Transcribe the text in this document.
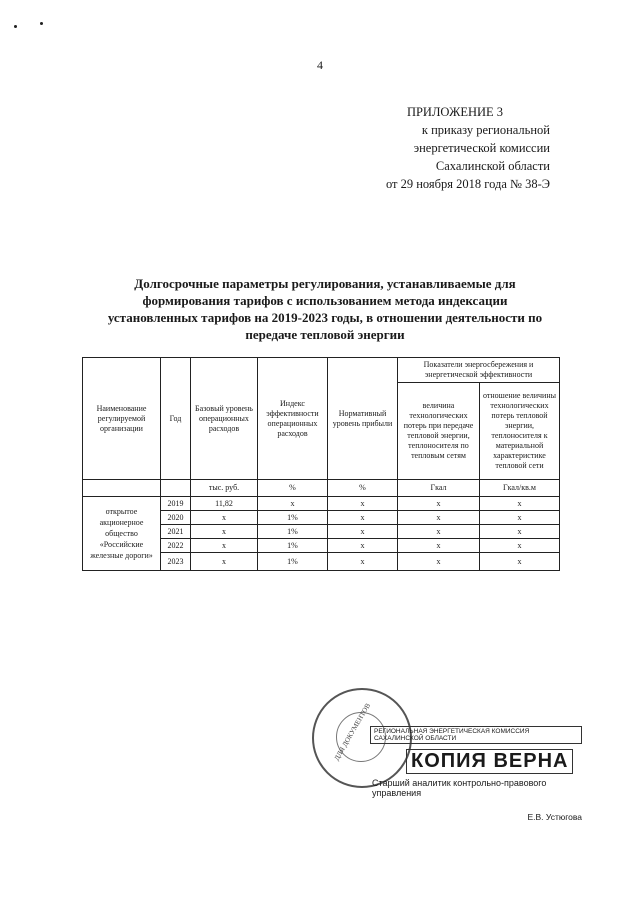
4
ПРИЛОЖЕНИЕ 3
к приказу региональной
энергетической комиссии
Сахалинской области
от 29 ноября 2018 года № 38-Э
Долгосрочные параметры регулирования, устанавливаемые для формирования тарифов с использованием метода индексации установленных тарифов на 2019-2023 годы, в отношении деятельности по передаче тепловой энергии
Наименование регулируемой организации	Год	Базовый уровень операционных расходов	Индекс эффективности операционных расходов	Нормативный уровень прибыли	Показатели энергосбережения и энергетической эффективности	
					величина технологических потерь при передаче тепловой энергии, теплоносителя по тепловым сетям	отношение величины технологических потерь тепловой энергии, теплоносителя к материальной характеристике тепловой сети
		тыс. руб.	%	%	Гкал	Гкал/кв.м
открытое акционерное общество «Российские железные дороги»	2019	11,82	х	х	х	х
	2020	х	1%	х	х	х
	2021	х	1%	х	х	х
	2022	х	1%	х	х	х
	2023	х	1%	х	х	х
ДЛЯ ДОКУМЕНТОВ РЕГИОНАЛЬНАЯ ЭНЕРГЕТИЧЕСКАЯ КОМИССИЯ САХАЛИНСКОЙ ОБЛАСТИ КОПИЯ ВЕРНА
Старший аналитик контрольно-правового управления
Е.В. Устюгова
